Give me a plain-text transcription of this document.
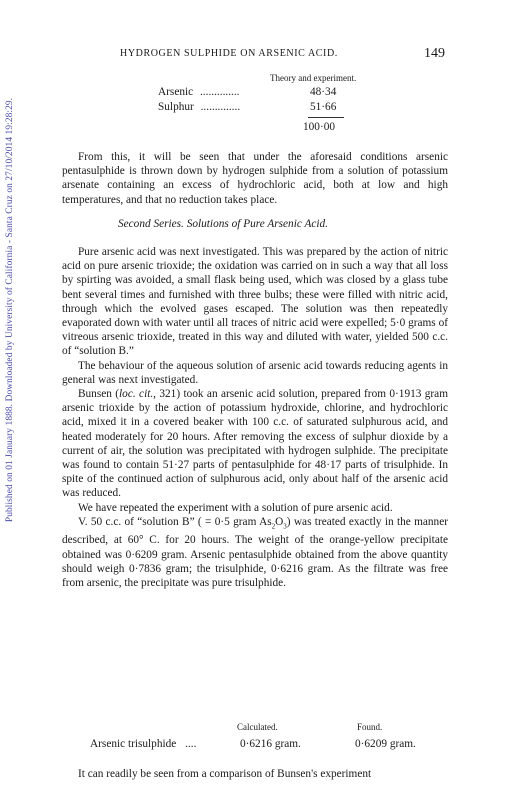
Published on 01 January 1888. Downloaded by University of California - Santa Cruz on 27/10/2014 19:28:29.
HYDROGEN SULPHIDE ON ARSENIC ACID.	149
Theory and experiment.
Arsenic ..............	48·34
Sulphur ..............	51·66
100·00

From this, it will be seen that under the aforesaid conditions arsenic pentasulphide is thrown down by hydrogen sulphide from a solution of potassium arsenate containing an excess of hydrochloric acid, both at low and high temperatures, and that no reduction takes place.

Second Series. Solutions of Pure Arsenic Acid.

Pure arsenic acid was next investigated. This was prepared by the action of nitric acid on pure arsenic trioxide; the oxidation was carried on in such a way that all loss by spirting was avoided, a small flask being used, which was closed by a glass tube bent several times and furnished with three bulbs; these were filled with nitric acid, through which the evolved gases escaped. The solution was then repeatedly evaporated down with water until all traces of nitric acid were expelled; 5·0 grams of vitreous arsenic trioxide, treated in this way and diluted with water, yielded 500 c.c. of “solution B.”

The behaviour of the aqueous solution of arsenic acid towards reducing agents in general was next investigated.

Bunsen (loc. cit., 321) took an arsenic acid solution, prepared from 0·1913 gram arsenic trioxide by the action of potassium hydroxide, chlorine, and hydrochloric acid, mixed it in a covered beaker with 100 c.c. of saturated sulphurous acid, and heated moderately for 20 hours. After removing the excess of sulphur dioxide by a current of air, the solution was precipitated with hydrogen sulphide. The precipitate was found to contain 51·27 parts of pentasulphide for 48·17 parts of trisulphide. In spite of the continued action of sulphurous acid, only about half of the arsenic acid was reduced.

We have repeated the experiment with a solution of pure arsenic acid.

V. 50 c.c. of “solution B” ( = 0·5 gram $As_2O_3$) was treated exactly in the manner described, at 60° C. for 20 hours. The weight of the orange-yellow precipitate obtained was 0·6209 gram. Arsenic pentasulphide obtained from the above quantity should weigh 0·7836 gram; the trisulphide, 0·6216 gram. As the filtrate was free from arsenic, the precipitate was pure trisulphide.

Calculated.	Found.
Arsenic trisulphide ....	0·6216 gram.	0·6209 gram.

It can readily be seen from a comparison of Bunsen's experiment
